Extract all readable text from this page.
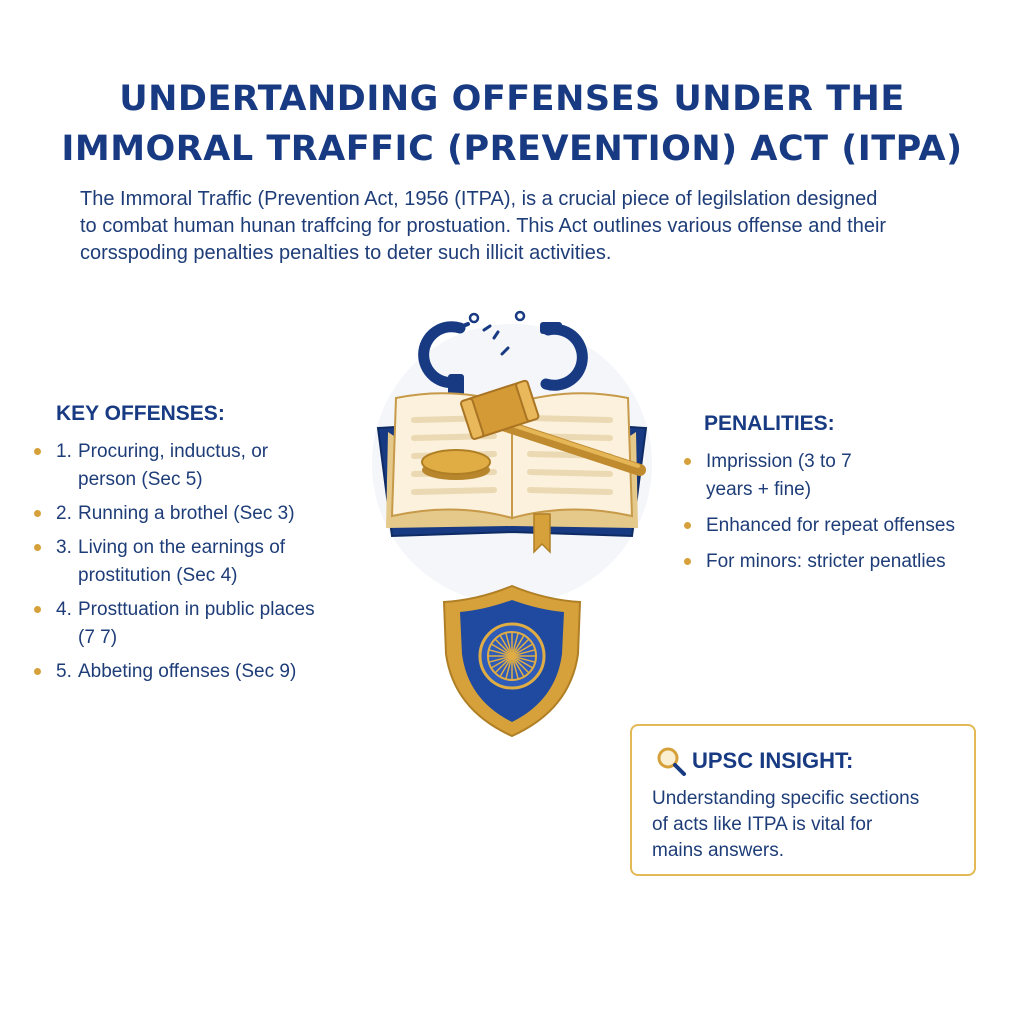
UNDERTANDING OFFENSES UNDER THE
IMMORAL TRAFFIC (PREVENTION) ACT (ITPA)
The Immoral Traffic (Prevention Act, 1956 (ITPA), is a crucial piece of legilslation designed
to combat human hunan traffcing for prostuation. This Act outlines various offense and their
corsspoding penalties penalties to deter such illicit activities.
KEY OFFENSES:
1. Procuring, inductus, or
person (Sec 5)
2. Running a brothel (Sec 3)
3. Living on the earnings of
prostitution (Sec 4)
4. Prosttuation in public places
(7 7)
5. Abbeting offenses (Sec 9)
PENALITIES:
Imprission (3 to 7
years + fine)
Enhanced for repeat offenses
For minors: stricter penatlies
UPSC INSIGHT:
Understanding specific sections
of acts like ITPA is vital for
mains answers.
